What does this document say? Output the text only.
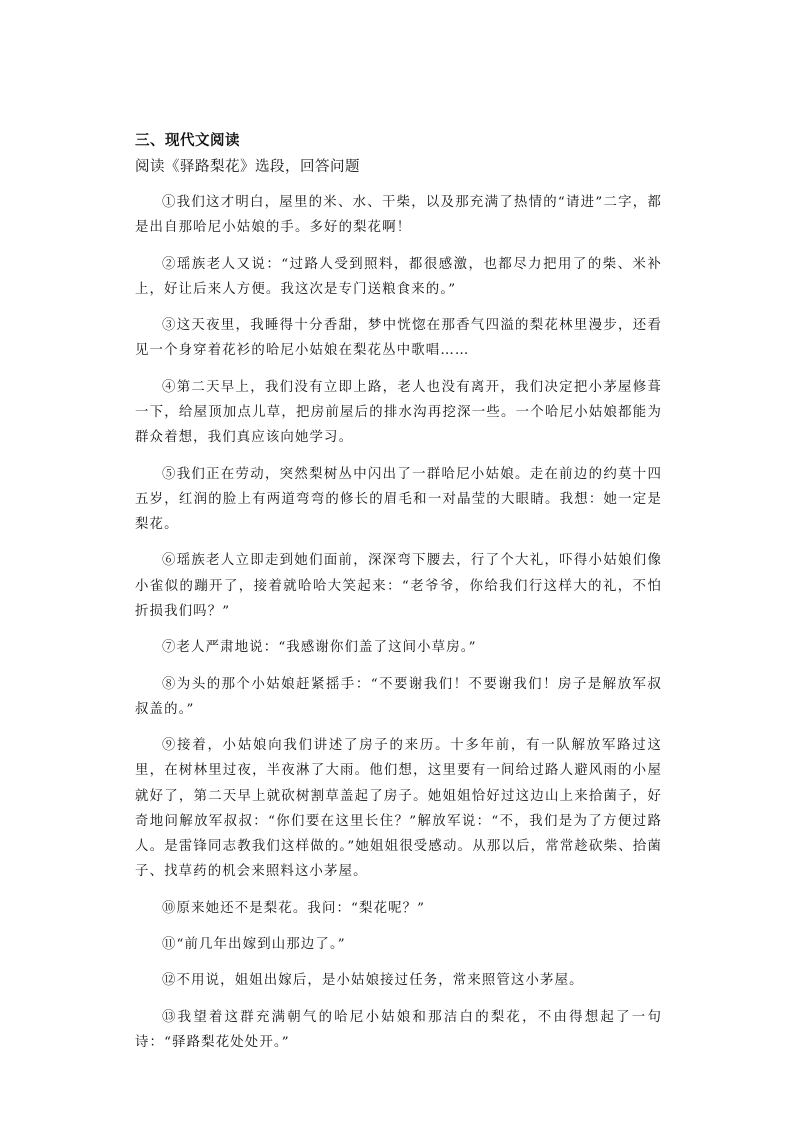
三、现代文阅读

阅读《驿路梨花》选段，回答问题

①我们这才明白，屋里的米、水、干柴，以及那充满了热情的“请进”二字，都是出自那哈尼小姑娘的手。多好的梨花啊！

②瑶族老人又说：“过路人受到照料，都很感激，也都尽力把用了的柴、米补上，好让后来人方便。我这次是专门送粮食来的。”

③这天夜里，我睡得十分香甜，梦中恍惚在那香气四溢的梨花林里漫步，还看见一个身穿着花衫的哈尼小姑娘在梨花丛中歌唱……

④第二天早上，我们没有立即上路，老人也没有离开，我们决定把小茅屋修葺一下，给屋顶加点儿草，把房前屋后的排水沟再挖深一些。一个哈尼小姑娘都能为群众着想，我们真应该向她学习。

⑤我们正在劳动，突然梨树丛中闪出了一群哈尼小姑娘。走在前边的约莫十四五岁，红润的脸上有两道弯弯的修长的眉毛和一对晶莹的大眼睛。我想：她一定是梨花。

⑥瑶族老人立即走到她们面前，深深弯下腰去，行了个大礼，吓得小姑娘们像小雀似的蹦开了，接着就哈哈大笑起来：“老爷爷，你给我们行这样大的礼，不怕折损我们吗？”

⑦老人严肃地说：“我感谢你们盖了这间小草房。”

⑧为头的那个小姑娘赶紧摇手：“不要谢我们！不要谢我们！房子是解放军叔叔盖的。”

⑨接着，小姑娘向我们讲述了房子的来历。十多年前，有一队解放军路过这里，在树林里过夜，半夜淋了大雨。他们想，这里要有一间给过路人避风雨的小屋就好了，第二天早上就砍树割草盖起了房子。她姐姐恰好过这边山上来拾菌子，好奇地问解放军叔叔：“你们要在这里长住？”解放军说：“不，我们是为了方便过路人。是雷锋同志教我们这样做的。”她姐姐很受感动。从那以后，常常趁砍柴、拾菌子、找草药的机会来照料这小茅屋。

⑩原来她还不是梨花。我问：“梨花呢？”

⑪“前几年出嫁到山那边了。”

⑫不用说，姐姐出嫁后，是小姑娘接过任务，常来照管这小茅屋。

⑬我望着这群充满朝气的哈尼小姑娘和那洁白的梨花，不由得想起了一句诗：“驿路梨花处处开。”
